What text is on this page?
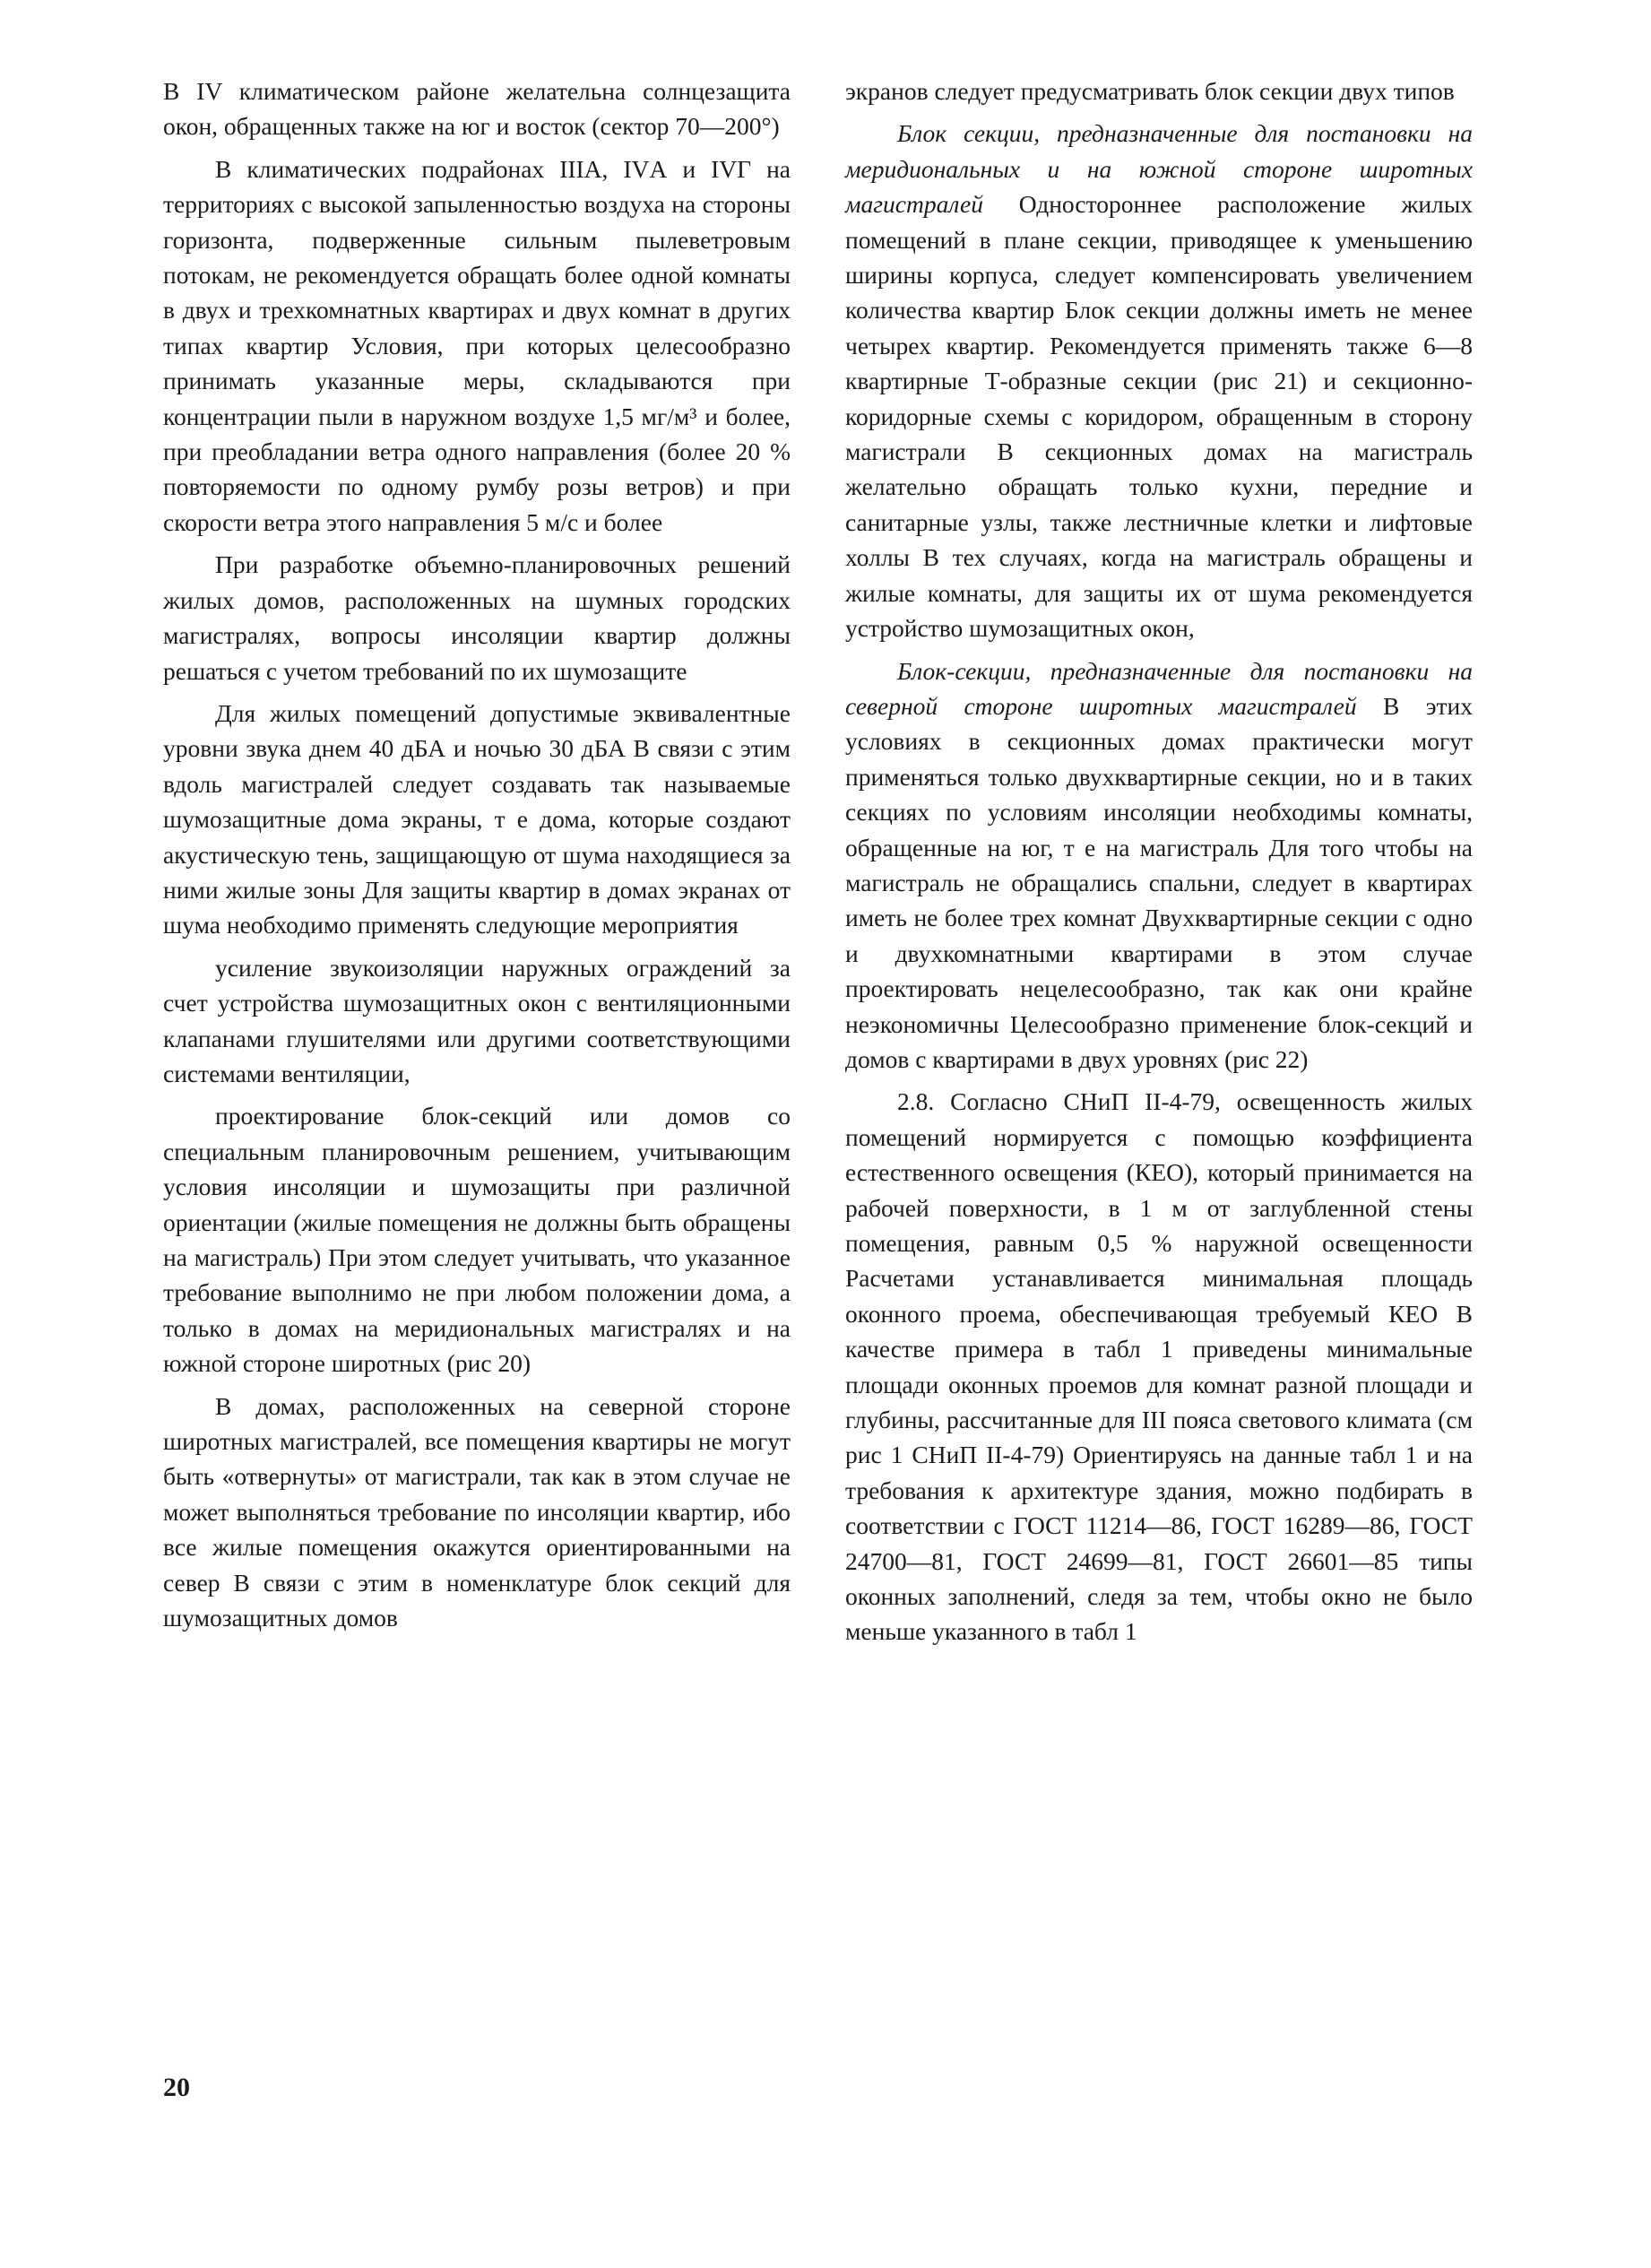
В IV климатическом районе желательна солнцезащита окон, обращенных также на юг и восток (сектор 70—200°)

В климатических подрайонах IIIА, IVА и IVГ на территориях с высокой запыленностью воздуха на стороны горизонта, подверженные сильным пылеветровым потокам, не рекомендуется обращать более одной комнаты в двух и трехкомнатных квартирах и двух комнат в других типах квартир Условия, при которых целесообразно принимать указанные меры, складываются при концентрации пыли в наружном воздухе 1,5 мг/м³ и более, при преобладании ветра одного направления (более 20 % повторяемости по одному румбу розы ветров) и при скорости ветра этого направления 5 м/с и более

При разработке объемно-планировочных решений жилых домов, расположенных на шумных городских магистралях, вопросы инсоляции квартир должны решаться с учетом требований по их шумозащите

Для жилых помещений допустимые эквивалентные уровни звука днем 40 дБА и ночью 30 дБА В связи с этим вдоль магистралей следует создавать так называемые шумозащитные дома экраны, т е дома, которые создают акустическую тень, защищающую от шума находящиеся за ними жилые зоны Для защиты квартир в домах экранах от шума необходимо применять следующие мероприятия

усиление звукоизоляции наружных ограждений за счет устройства шумозащитных окон с вентиляционными клапанами глушителями или другими соответствующими системами вентиляции,

проектирование блок-секций или домов со специальным планировочным решением, учитывающим условия инсоляции и шумозащиты при различной ориентации (жилые помещения не должны быть обращены на магистраль) При этом следует учитывать, что указанное требование выполнимо не при любом положении дома, а только в домах на меридиональных магистралях и на южной стороне широтных (рис 20)

В домах, расположенных на северной стороне широтных магистралей, все помещения квартиры не могут быть «отвернуты» от магистрали, так как в этом случае не может выполняться требование по инсоляции квартир, ибо все жилые помещения окажутся ориентированными на север В связи с этим в номенклатуре блок секций для шумозащитных домов

экранов следует предусматривать блок секции двух типов

Блок секции, предназначенные для постановки на меридиональных и на южной стороне широтных магистралей Одностороннее расположение жилых помещений в плане секции, приводящее к уменьшению ширины корпуса, следует компенсировать увеличением количества квартир Блок секции должны иметь не менее четырех квартир. Рекомендуется применять также 6—8 квартирные Т-образные секции (рис 21) и секционно-коридорные схемы с коридором, обращенным в сторону магистрали В секционных домах на магистраль желательно обращать только кухни, передние и санитарные узлы, также лестничные клетки и лифтовые холлы В тех случаях, когда на магистраль обращены и жилые комнаты, для защиты их от шума рекомендуется устройство шумозащитных окон,

Блок-секции, предназначенные для постановки на северной стороне широтных магистралей В этих условиях в секционных домах практически могут применяться только двухквартирные секции, но и в таких секциях по условиям инсоляции необходимы комнаты, обращенные на юг, т е на магистраль Для того чтобы на магистраль не обращались спальни, следует в квартирах иметь не более трех комнат Двухквартирные секции с одно и двухкомнатными квартирами в этом случае проектировать нецелесообразно, так как они крайне неэкономичны Целесообразно применение блок-секций и домов с квартирами в двух уровнях (рис 22)

2.8. Согласно СНиП II-4-79, освещенность жилых помещений нормируется с помощью коэффициента естественного освещения (КЕО), который принимается на рабочей поверхности, в 1 м от заглубленной стены помещения, равным 0,5 % наружной освещенности Расчетами устанавливается минимальная площадь оконного проема, обеспечивающая требуемый КЕО В качестве примера в табл 1 приведены минимальные площади оконных проемов для комнат разной площади и глубины, рассчитанные для III пояса светового климата (см рис 1 СНиП II-4-79) Ориентируясь на данные табл 1 и на требования к архитектуре здания, можно подбирать в соответствии с ГОСТ 11214—86, ГОСТ 16289—86, ГОСТ 24700—81, ГОСТ 24699—81, ГОСТ 26601—85 типы оконных заполнений, следя за тем, чтобы окно не было меньше указанного в табл 1

20
